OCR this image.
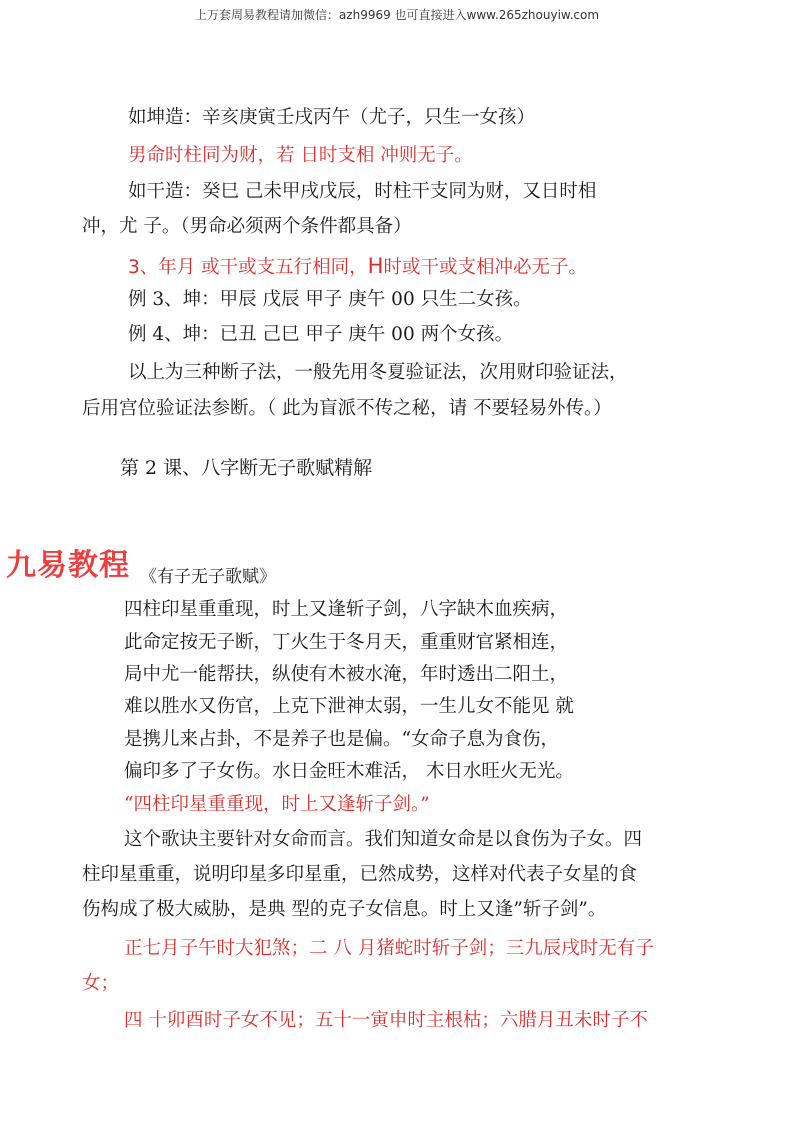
上万套周易教程请加微信：azh9969 也可直接进入www.265zhouyiw.com
如坤造：辛亥庚寅壬戌丙午（尤子，只生一女孩）
男命时柱同为财，若 日时支相 冲则无子。
如干造：癸巳 己未甲戌戊辰，时柱干支同为财，又日时相
冲，尤 子。（男命必须两个条件都具备）
3、年月 或干或支五行相同，H时或干或支相冲必无子。
例 3、坤：甲辰 戊辰 甲子 庚午 00 只生二女孩。
例 4、坤：已丑 己巳 甲子 庚午 00 两个女孩。
以上为三种断子法，一般先用冬夏验证法，次用财印验证法，
后用宫位验证法参断。（ 此为盲派不传之秘，请 不要轻易外传。）
第 2 课、八字断无子歌赋精解
九易教程 《有子无子歌赋》
四柱印星重重现，时上又逢斩子剑，八字缺木血疾病，
此命定按无子断，丁火生于冬月天，重重财官紧相连，
局中尤一能帮扶，纵使有木被水淹，年时透出二阳土，
难以胜水又伤官，上克下泄神太弱，一生儿女不能见 就
是携儿来占卦，不是养子也是偏。“女命子息为食伤，
偏印多了子女伤。水日金旺木难活， 木日水旺火无光。
“四柱印星重重现，时上又逢斩子剑。”
这个歌诀主要针对女命而言。我们知道女命是以食伤为子女。四
柱印星重重，说明印星多印星重，已然成势，这样对代表子女星的食
伤构成了极大威胁，是典 型的克子女信息。时上又逢”斩子剑”。
正七月子午时大犯煞；二 八 月猪蛇时斩子剑；三九辰戌时无有子
女；
四 十卯酉时子女不见；五十一寅申时主根枯；六腊月丑未时子不
